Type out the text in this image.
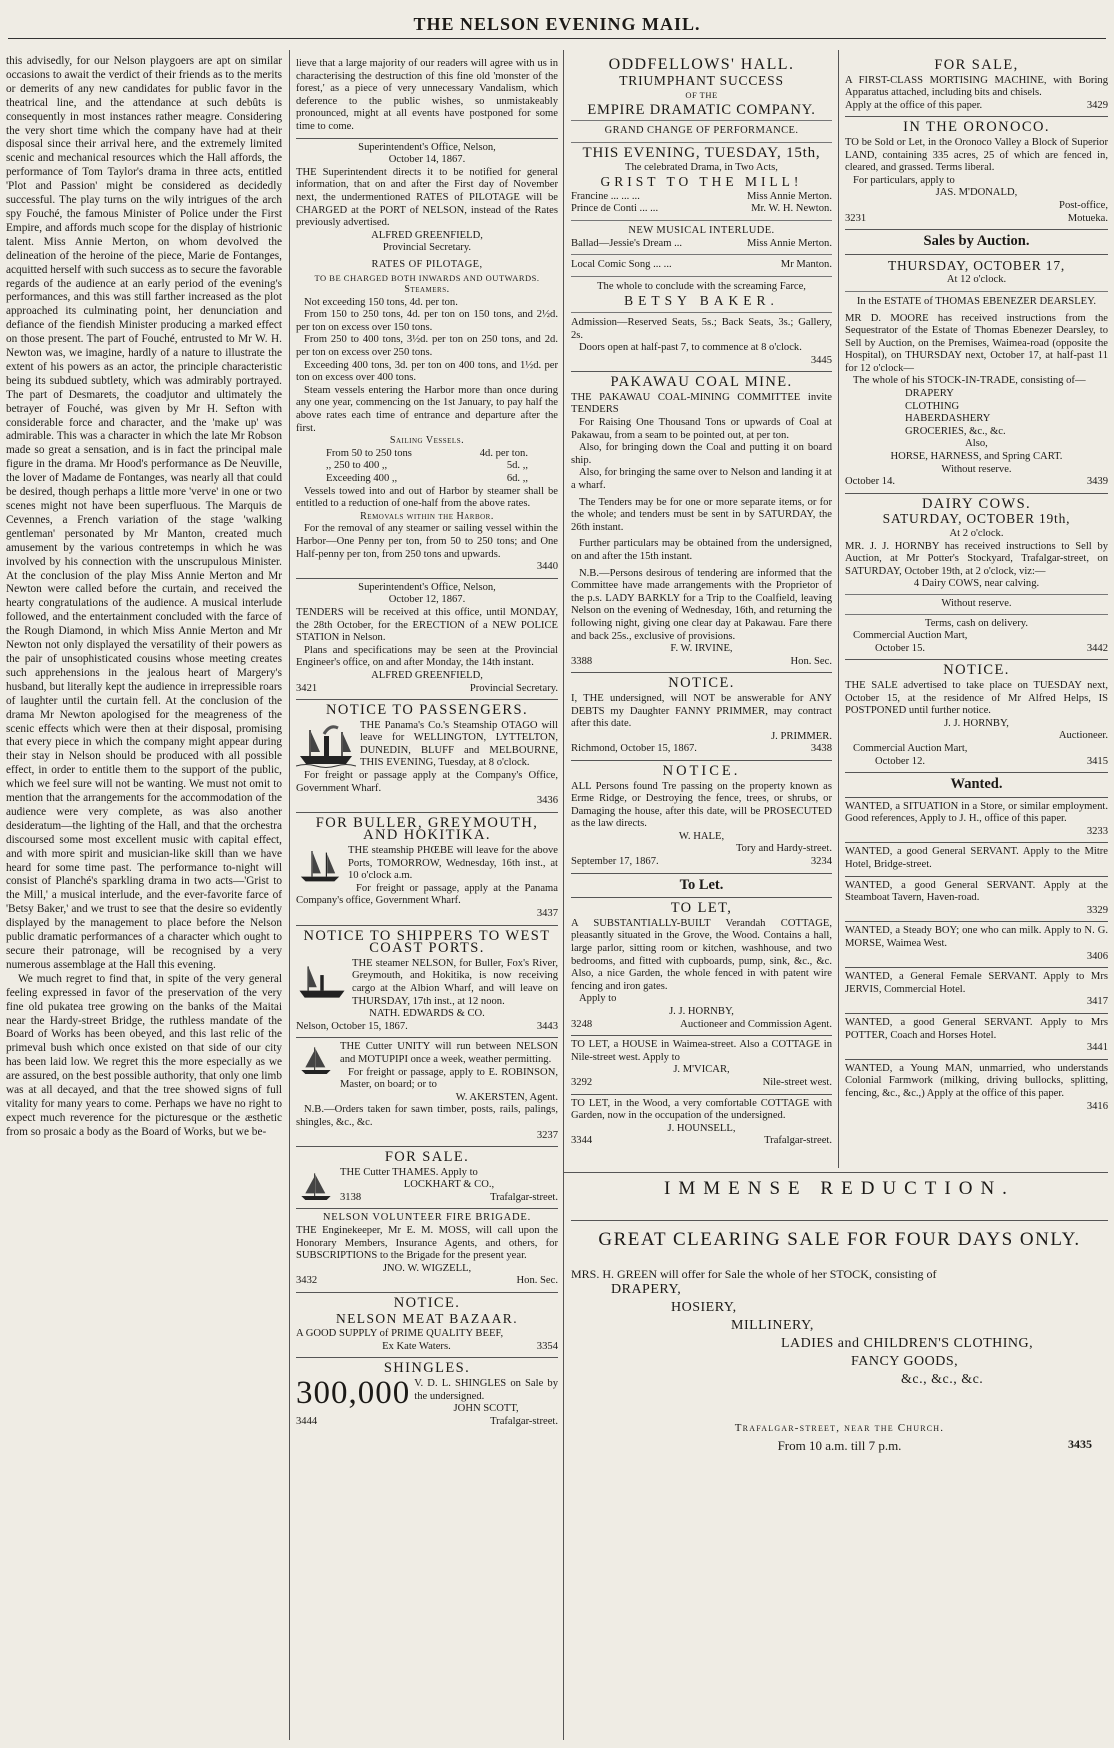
THE NELSON EVENING MAIL.

this advisedly, for our Nelson playgoers are apt on similar occasions to await the verdict of their friends as to the merits or demerits of any new candidates for public favor in the theatrical line, and the attendance at such debûts is consequently in most instances rather meagre. Considering the very short time which the company have had at their disposal since their arrival here, and the extremely limited scenic and mechanical resources which the Hall affords, the performance of Tom Taylor's drama in three acts, entitled 'Plot and Passion' might be considered as decidedly successful. The play turns on the wily intrigues of the arch spy Fouché, the famous Minister of Police under the First Empire, and affords much scope for the display of histrionic talent. Miss Annie Merton, on whom devolved the delineation of the heroine of the piece, Marie de Fontanges, acquitted herself with such success as to secure the favorable regards of the audience at an early period of the evening's performances, and this was still farther increased as the plot approached its culminating point, her denunciation and defiance of the fiendish Minister producing a marked effect on those present. The part of Fouché, entrusted to Mr W. H. Newton was, we imagine, hardly of a nature to illustrate the extent of his powers as an actor, the principle characteristic being its subdued subtlety, which was admirably portrayed. The part of Desmarets, the coadjutor and ultimately the betrayer of Fouché, was given by Mr H. Sefton with considerable force and character, and the 'make up' was admirable. This was a character in which the late Mr Robson made so great a sensation, and is in fact the principal male figure in the drama. Mr Hood's performance as De Neuville, the lover of Madame de Fontanges, was nearly all that could be desired, though perhaps a little more 'verve' in one or two scenes might not have been superfluous. The Marquis de Cevennes, a French variation of the stage 'walking gentleman' personated by Mr Manton, created much amusement by the various contretemps in which he was involved by his connection with the unscrupulous Minister. At the conclusion of the play Miss Annie Merton and Mr Newton were called before the curtain, and received the hearty congratulations of the audience. A musical interlude followed, and the entertainment concluded with the farce of the Rough Diamond, in which Miss Annie Merton and Mr Newton not only displayed the versatility of their powers as the pair of unsophisticated cousins whose meeting creates such apprehensions in the jealous heart of Margery's husband, but literally kept the audience in irrepressible roars of laughter until the curtain fell. At the conclusion of the drama Mr Newton apologised for the meagreness of the scenic effects which were then at their disposal, promising that every piece in which the company might appear during their stay in Nelson should be produced with all possible effect, in order to entitle them to the support of the public, which we feel sure will not be wanting. We must not omit to mention that the arrangements for the accommodation of the audience were very complete, as was also another desideratum—the lighting of the Hall, and that the orchestra discoursed some most excellent music with capital effect, and with more spirit and musician-like skill than we have heard for some time past. The performance to-night will consist of Planché's sparkling drama in two acts—'Grist to the Mill,' a musical interlude, and the ever-favorite farce of 'Betsy Baker,' and we trust to see that the desire so evidently displayed by the management to place before the Nelson public dramatic performances of a character which ought to secure their patronage, will be recognised by a very numerous assemblage at the Hall this evening.

We much regret to find that, in spite of the very general feeling expressed in favor of the preservation of the very fine old pukatea tree growing on the banks of the Maitai near the Hardy-street Bridge, the ruthless mandate of the Board of Works has been obeyed, and this last relic of the primeval bush which once existed on that side of our city has been laid low. We regret this the more especially as we are assured, on the best possible authority, that only one limb was at all decayed, and that the tree showed signs of full vitality for many years to come. Perhaps we have no right to expect much reverence for the picturesque or the æsthetic from so prosaic a body as the Board of Works, but we be-

lieve that a large majority of our readers will agree with us in characterising the destruction of this fine old 'monster of the forest,' as a piece of very unnecessary Vandalism, which deference to the public wishes, so unmistakeably pronounced, might at all events have postponed for some time to come.

Superintendent's Office, Nelson,

October 14, 1867.

THE Superintendent directs it to be notified for general information, that on and after the First day of November next, the undermentioned RATES of PILOTAGE will be CHARGED at the PORT of NELSON, instead of the Rates previously advertised.

ALFRED GREENFIELD,

Provincial Secretary.

RATES OF PILOTAGE,
TO BE CHARGED BOTH INWARDS AND OUTWARDS.
Steamers.

Not exceeding 150 tons, 4d. per ton.

From 150 to 250 tons, 4d. per ton on 150 tons, and 2½d. per ton on excess over 150 tons.

From 250 to 400 tons, 3½d. per ton on 250 tons, and 2d. per ton on excess over 250 tons.

Exceeding 400 tons, 3d. per ton on 400 tons, and 1½d. per ton on excess over 400 tons.

Steam vessels entering the Harbor more than once during any one year, commencing on the 1st January, to pay half the above rates each time of entrance and departure after the first.

Sailing Vessels.
From 50 to 250 tons	4d. per ton.
,, 250 to 400 ,,	5d. ,,
Exceeding 400 ,,	6d. ,,

Vessels towed into and out of Harbor by steamer shall be entitled to a reduction of one-half from the above rates.

Removals within the Harbor.

For the removal of any steamer or sailing vessel within the Harbor—One Penny per ton, from 50 to 250 tons; and One Half-penny per ton, from 250 tons and upwards.

3440

Superintendent's Office, Nelson,

October 12, 1867.

TENDERS will be received at this office, until MONDAY, the 28th October, for the ERECTION of a NEW POLICE STATION in Nelson.

Plans and specifications may be seen at the Provincial Engineer's office, on and after Monday, the 14th instant.

ALFRED GREENFIELD,

3421	Provincial Secretary.
NOTICE TO PASSENGERS.

THE Panama's Co.'s Steamship OTAGO will leave for WELLINGTON, LYTTELTON, DUNEDIN, BLUFF and MELBOURNE, THIS EVENING, Tuesday, at 8 o'clock.

For freight or passage apply at the Company's Office, Government Wharf.

3436
FOR BULLER, GREYMOUTH, AND HOKITIKA.

THE steamship PHŒBE will leave for the above Ports, TOMORROW, Wednesday, 16th inst., at 10 o'clock a.m.

For freight or passage, apply at the Panama Company's office, Government Wharf.

3437
NOTICE TO SHIPPERS TO WEST COAST PORTS.

THE steamer NELSON, for Buller, Fox's River, Greymouth, and Hokitika, is now receiving cargo at the Albion Wharf, and will leave on THURSDAY, 17th inst., at 12 noon.

NATH. EDWARDS & CO.

Nelson, October 15, 1867.	3443

THE Cutter UNITY will run between NELSON and MOTUPIPI once a week, weather permitting.

For freight or passage, apply to E. ROBINSON, Master, on board; or to

W. AKERSTEN, Agent.

N.B.—Orders taken for sawn timber, posts, rails, palings, shingles, &c., &c.

3237
FOR SALE.

THE Cutter THAMES. Apply to

LOCKHART & CO.,

3138	Trafalgar-street.
NELSON VOLUNTEER FIRE BRIGADE.

THE Enginekeeper, Mr E. M. MOSS, will call upon the Honorary Members, Insurance Agents, and others, for SUBSCRIPTIONS to the Brigade for the present year.

JNO. W. WIGZELL,

3432	Hon. Sec.
NOTICE.
NELSON MEAT BAZAAR.

A GOOD SUPPLY of PRIME QUALITY BEEF,

Ex Kate Waters.	3354
SHINGLES.
300,000 V. D. L. SHINGLES on Sale by the undersigned.

JOHN SCOTT,

3444	Trafalgar-street.
ODDFELLOWS' HALL.
TRIUMPHANT SUCCESS
OF THE
EMPIRE DRAMATIC COMPANY.
GRAND CHANGE OF PERFORMANCE.
THIS EVENING, TUESDAY, 15th,

The celebrated Drama, in Two Acts,

GRIST TO THE MILL!
Francine ... ... ...	Miss Annie Merton.
Prince de Conti ... ...	Mr. W. H. Newton.
NEW MUSICAL INTERLUDE.
Ballad—Jessie's Dream ...	Miss Annie Merton.
Local Comic Song ... ...	Mr Manton.

The whole to conclude with the screaming Farce,

BETSY BAKER.

Admission—Reserved Seats, 5s.; Back Seats, 3s.; Gallery, 2s.

Doors open at half-past 7, to commence at 8 o'clock.

3445
PAKAWAU COAL MINE.

THE PAKAWAU COAL-MINING COMMITTEE invite TENDERS

For Raising One Thousand Tons or upwards of Coal at Pakawau, from a seam to be pointed out, at per ton.

Also, for bringing down the Coal and putting it on board ship.

Also, for bringing the same over to Nelson and landing it at a wharf.

The Tenders may be for one or more separate items, or for the whole; and tenders must be sent in by SATURDAY, the 26th instant.

Further particulars may be obtained from the undersigned, on and after the 15th instant.

N.B.—Persons desirous of tendering are informed that the Committee have made arrangements with the Proprietor of the p.s. LADY BARKLY for a Trip to the Coalfield, leaving Nelson on the evening of Wednesday, 16th, and returning the following night, giving one clear day at Pakawau. Fare there and back 25s., exclusive of provisions.

F. W. IRVINE,

3388	Hon. Sec.
NOTICE.

I, THE undersigned, will NOT be answerable for ANY DEBTS my Daughter FANNY PRIMMER, may contract after this date.

J. PRIMMER.
Richmond, October 15, 1867.	3438
NOTICE.

ALL Persons found Tre passing on the property known as Erme Ridge, or Destroying the fence, trees, or shrubs, or Damaging the house, after this date, will be PROSECUTED as the law directs.

W. HALE,

Tory and Hardy-street.
September 17, 1867.	3234
To Let.
TO LET,

A SUBSTANTIALLY-BUILT Verandah COTTAGE, pleasantly situated in the Grove, the Wood. Contains a hall, large parlor, sitting room or kitchen, washhouse, and two bedrooms, and fitted with cupboards, pump, sink, &c., &c. Also, a nice Garden, the whole fenced in with patent wire fencing and iron gates.

Apply to

J. J. HORNBY,

3248	Auctioneer and Commission Agent.

TO LET, a HOUSE in Waimea-street. Also a COTTAGE in Nile-street west. Apply to

J. M'VICAR,

3292	Nile-street west.

TO LET, in the Wood, a very comfortable COTTAGE with Garden, now in the occupation of the undersigned.

J. HOUNSELL,

3344	Trafalgar-street.
FOR SALE,

A FIRST-CLASS MORTISING MACHINE, with Boring Apparatus attached, including bits and chisels.

Apply at the office of this paper.	3429
IN THE ORONOCO.

TO be Sold or Let, in the Oronoco Valley a Block of Superior LAND, containing 335 acres, 25 of which are fenced in, cleared, and grassed. Terms liberal.

For particulars, apply to

JAS. M'DONALD,

Post-office,
3231	Motueka.
Sales by Auction.
THURSDAY, OCTOBER 17,

At 12 o'clock.

In the ESTATE of THOMAS EBENEZER DEARSLEY.

MR D. MOORE has received instructions from the Sequestrator of the Estate of Thomas Ebenezer Dearsley, to Sell by Auction, on the Premises, Waimea-road (opposite the Hospital), on THURSDAY next, October 17, at half-past 11 for 12 o'clock—

The whole of his STOCK-IN-TRADE, consisting of—

DRAPERY
CLOTHING
HABERDASHERY
GROCERIES, &c., &c.

Also,

HORSE, HARNESS, and Spring CART.

Without reserve.

October 14.	3439
DAIRY COWS.
SATURDAY, OCTOBER 19th,

At 2 o'clock.

MR. J. J. HORNBY has received instructions to Sell by Auction, at Mr Potter's Stockyard, Trafalgar-street, on SATURDAY, October 19th, at 2 o'clock, viz:—

4 Dairy COWS, near calving.

Without reserve.

Terms, cash on delivery.

Commercial Auction Mart,

October 15.	3442
NOTICE.

THE SALE advertised to take place on TUESDAY next, October 15, at the residence of Mr Alfred Helps, IS POSTPONED until further notice.

J. J. HORNBY,

Auctioneer.

Commercial Auction Mart,

October 12.	3415
Wanted.

WANTED, a SITUATION in a Store, or similar employment. Good references, Apply to J. H., office of this paper.

3233

WANTED, a good General SERVANT. Apply to the Mitre Hotel, Bridge-street.

WANTED, a good General SERVANT. Apply at the Steamboat Tavern, Haven-road.

3329

WANTED, a Steady BOY; one who can milk. Apply to N. G. MORSE, Waimea West.

3406

WANTED, a General Female SERVANT. Apply to Mrs JERVIS, Commercial Hotel.

3417

WANTED, a good General SERVANT. Apply to Mrs POTTER, Coach and Horses Hotel.

3441

WANTED, a Young MAN, unmarried, who understands Colonial Farmwork (milking, driving bullocks, splitting, fencing, &c., &c.,) Apply at the office of this paper.

3416
IMMENSE REDUCTION.
GREAT CLEARING SALE FOR FOUR DAYS ONLY.

MRS. H. GREEN will offer for Sale the whole of her STOCK, consisting of

DRAPERY,
HOSIERY,
MILLINERY,
LADIES and CHILDREN'S CLOTHING,
FANCY GOODS,
&c., &c., &c.
Trafalgar-street, near the Church.
From 10 a.m. till 7 p.m.	3435
